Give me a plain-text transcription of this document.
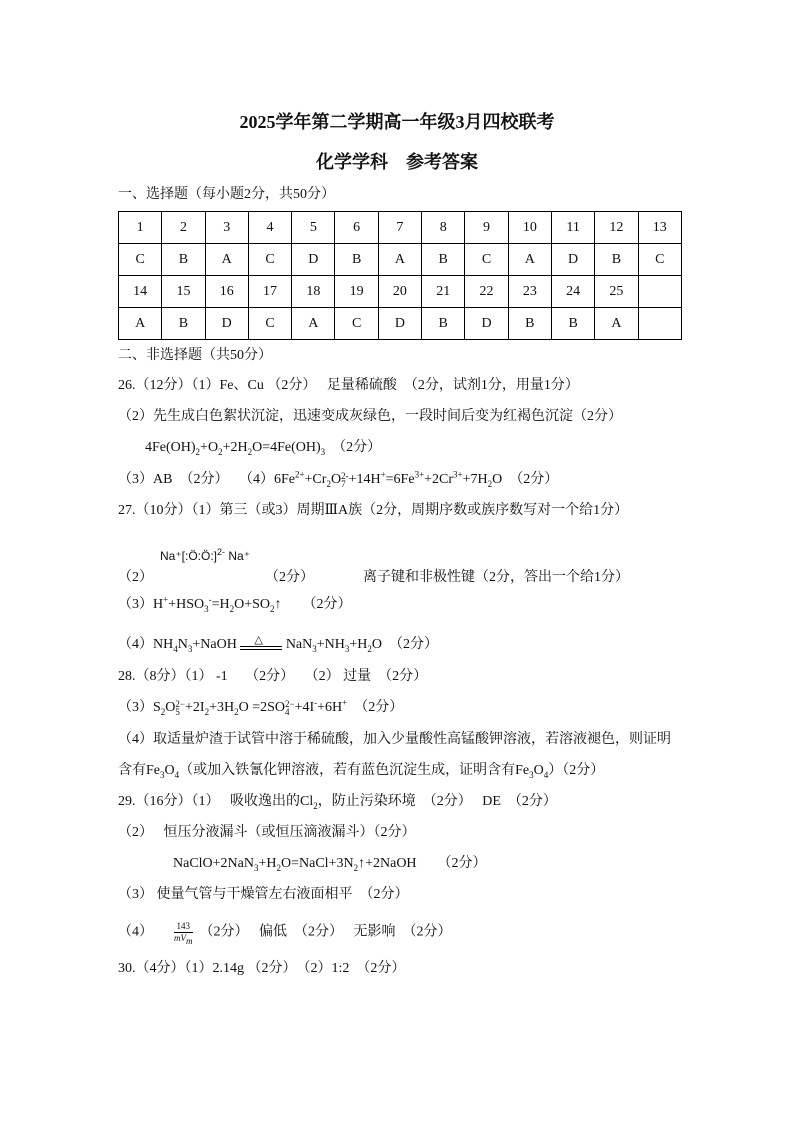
2025学年第二学期高一年级3月四校联考
化学学科　参考答案
一、选择题（每小题2分，共50分）
1	2	3	4	5	6	7	8	9	10	11	12	13
C	B	A	C	D	B	A	B	C	A	D	B	C
14	15	16	17	18	19	20	21	22	23	24	25	
A	B	D	C	A	C	D	B	D	B	B	A	
二、非选择题（共50分）
Na⁺[:Ö:Ö:]$^{2-}$ Na⁺
26.（12分）（1）Fe、Cu （2分）　 足量稀硫酸　（2分，试剂1分，用量1分）
（2）先生成白色絮状沉淀，迅速变成灰绿色，一段时间后变为红褐色沉淀（2分）
$4Fe(OH)_2+O_2+2H_2O=4Fe(OH)_3$　（2分）
（3）AB　（2分）　 $(4)6Fe^{2+}+Cr_2O$ 2-
$7 +14H^+=6Fe^{3+}+2Cr^{3+}+7H_2O$　（2分）
27.（10分）（1）第三（或3）周期ⅢA族（2分，周期序数或族序数写对一个给1分）
（2）　　　　　　　　　（2分）　　　　离子键和非极性键（2分，答出一个给1分）
$(3)H^++HSO_3^-=H_2O+SO_2↑$　　（2分）
$(4)NH_4N_3+NaOH$ △ $NaN_3+NH_3+H_2O$　（2分）
28.（8分）（1） -1　 （2分）　 （2） 过量　（2分）
$(3)S_2O$ 2−
$5 +2I_2+3H_2O =2SO$ 2−
4 +4I-+6H+　（2分）
（4）取适量炉渣于试管中溶于稀硫酸，加入少量酸性高锰酸钾溶液，若溶液褪色，则证明
含有$Fe_3O_4$（或加入铁氰化钾溶液，若有蓝色沉淀生成，证明含有$Fe_3O_4)(2$分）
29.（16分）（1）　 吸收逸出的$Cl_2$，防止污染环境　（2分）　 DE　（2分）
（2）　 恒压分液漏斗（或恒压滴液漏斗）（2分）
$NaClO+2NaN_3+H_2O=NaCl+3N_2↑+2NaOH$　　（2分）
（3） 使量气管与干燥管左右液面相平　（2分）
（4）　　 $\frac{143}{mV_m}$ 　（2分）　 偏低　（2分）　 无影响　（2分）
30.（4分）（1）2.14g （2分）　（2）1:2　（2分）
